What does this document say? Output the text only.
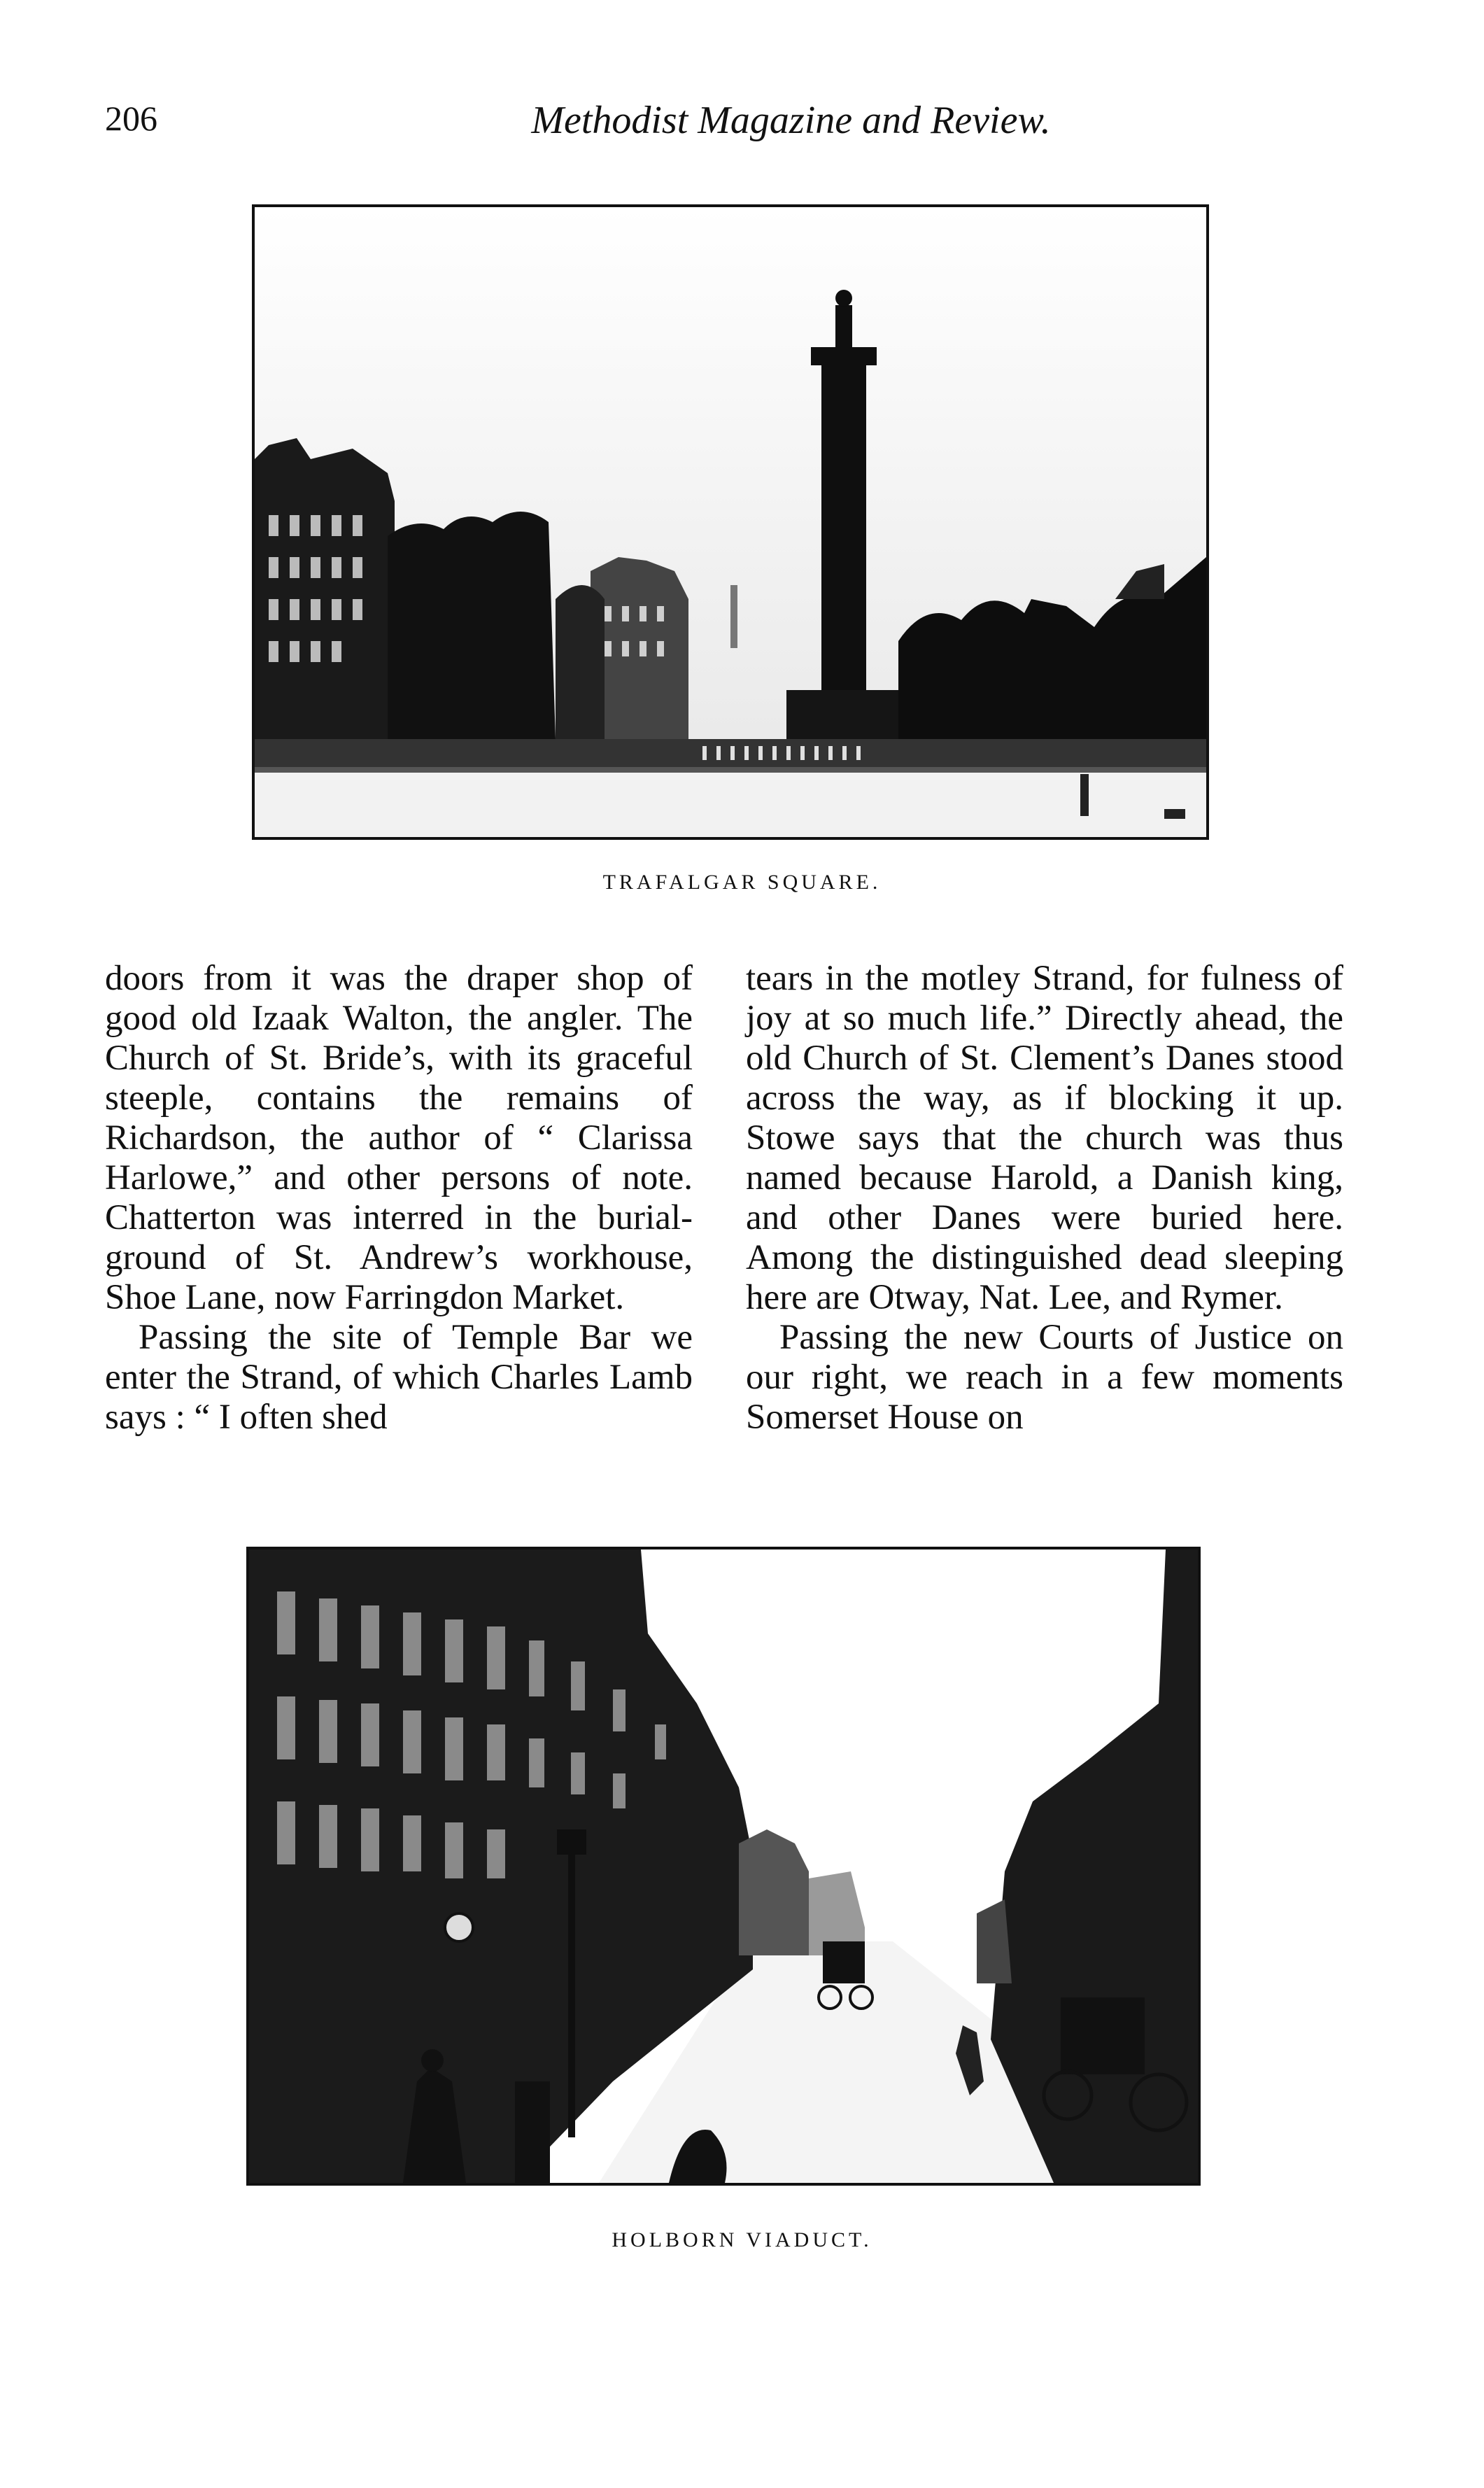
206	Methodist Magazine and Review.
TRAFALGAR SQUARE.

doors from it was the draper shop of good old Izaak Walton, the angler. The Church of St. Bride’s, with its graceful steeple, contains the remains of Richardson, the author of “ Clarissa Harlowe,” and other persons of note. Chatterton was interred in the burial-ground of St. Andrew’s workhouse, Shoe Lane, now Farringdon Market.

Passing the site of Temple Bar we enter the Strand, of which Charles Lamb says : “ I often shed

tears in the motley Strand, for fulness of joy at so much life.” Directly ahead, the old Church of St. Clement’s Danes stood across the way, as if blocking it up. Stowe says that the church was thus named because Harold, a Danish king, and other Danes were buried here. Among the distinguished dead sleeping here are Otway, Nat. Lee, and Rymer.

Passing the new Courts of Justice on our right, we reach in a few moments Somerset House on

HOLBORN VIADUCT.
